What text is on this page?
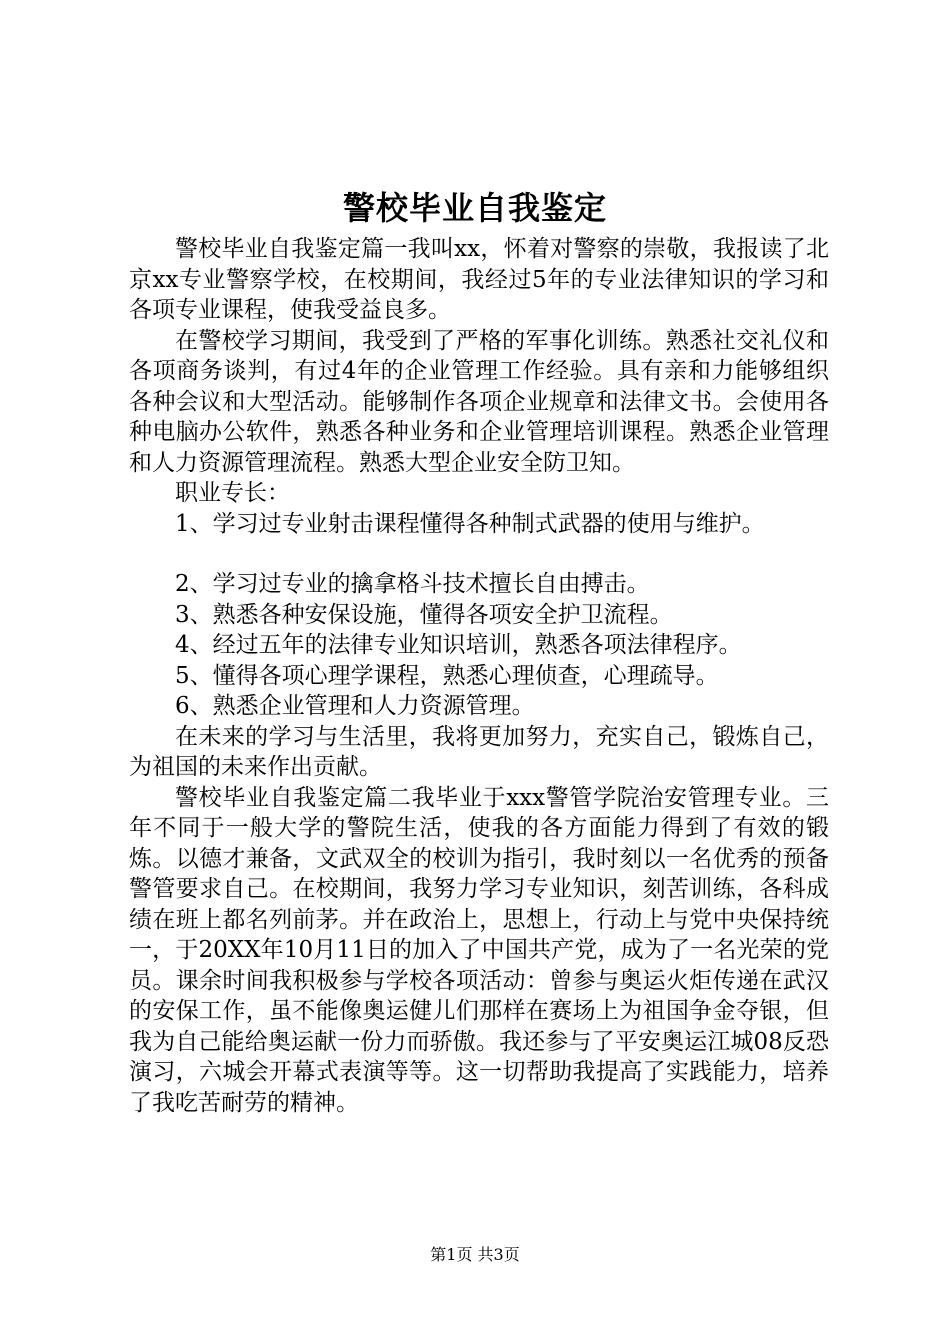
警校毕业自我鉴定

警校毕业自我鉴定篇一我叫xx，怀着对警察的崇敬，我报读了北京xx专业警察学校，在校期间，我经过5年的专业法律知识的学习和各项专业课程，使我受益良多。

在警校学习期间，我受到了严格的军事化训练。熟悉社交礼仪和各项商务谈判，有过4年的企业管理工作经验。具有亲和力能够组织各种会议和大型活动。能够制作各项企业规章和法律文书。会使用各种电脑办公软件，熟悉各种业务和企业管理培训课程。熟悉企业管理和人力资源管理流程。熟悉大型企业安全防卫知。

职业专长：

1、学习过专业射击课程懂得各种制式武器的使用与维护。

2、学习过专业的擒拿格斗技术擅长自由搏击。

3、熟悉各种安保设施，懂得各项安全护卫流程。

4、经过五年的法律专业知识培训，熟悉各项法律程序。

5、懂得各项心理学课程，熟悉心理侦查，心理疏导。

6、熟悉企业管理和人力资源管理。

在未来的学习与生活里，我将更加努力，充实自己，锻炼自己，为祖国的未来作出贡献。

警校毕业自我鉴定篇二我毕业于xxx警管学院治安管理专业。三年不同于一般大学的警院生活，使我的各方面能力得到了有效的锻炼。以德才兼备，文武双全的校训为指引，我时刻以一名优秀的预备警管要求自己。在校期间，我努力学习专业知识，刻苦训练，各科成绩在班上都名列前茅。并在政治上，思想上，行动上与党中央保持统一，于20XX年10月11日的加入了中国共产党，成为了一名光荣的党员。课余时间我积极参与学校各项活动：曾参与奥运火炬传递在武汉的安保工作，虽不能像奥运健儿们那样在赛场上为祖国争金夺银，但我为自己能给奥运献一份力而骄傲。我还参与了平安奥运江城08反恐演习，六城会开幕式表演等等。这一切帮助我提高了实践能力，培养了我吃苦耐劳的精神。

第1页 共3页
